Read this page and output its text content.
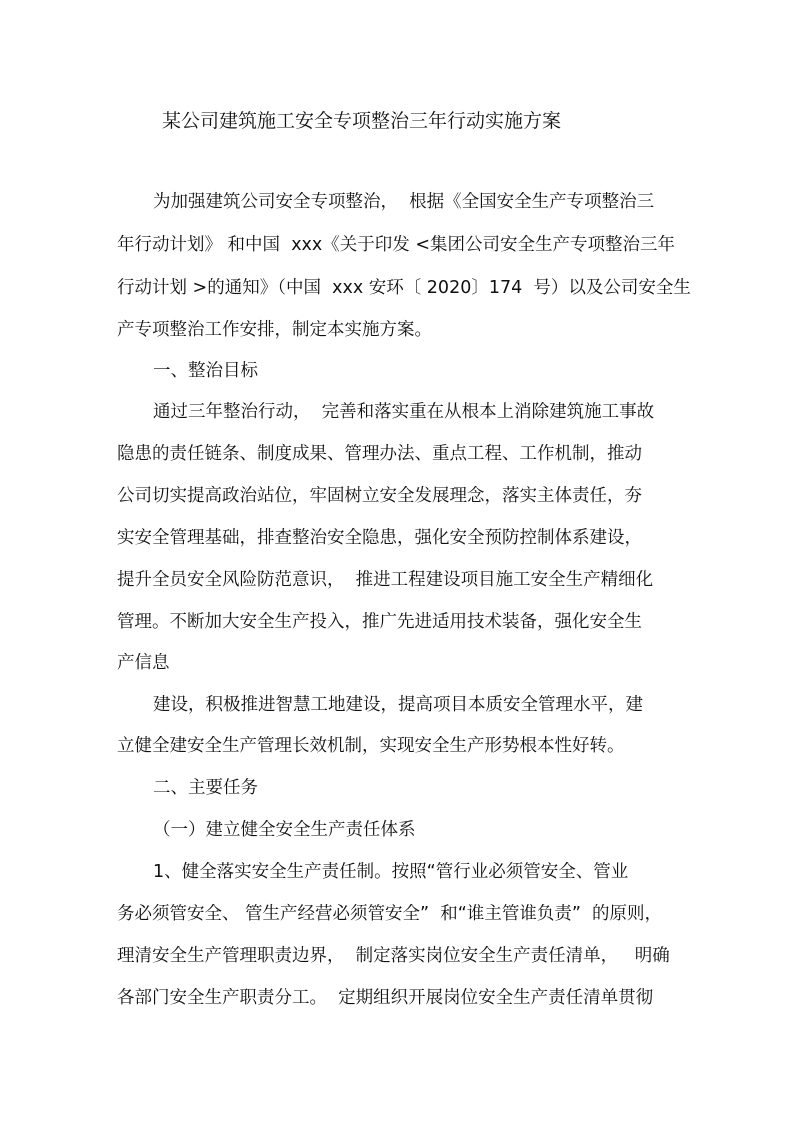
某公司建筑施工安全专项整治三年行动实施方案
为加强建筑公司安全专项整治，  根据《全国安全生产专项整治三
年行动计划》 和中国  xxx《关于印发 <集团公司安全生产专项整治三年
行动计划 >的通知》（中国  xxx 安环〔 2020〕174  号）以及公司安全生
产专项整治工作安排，制定本实施方案。
一、整治目标
通过三年整治行动，  完善和落实重在从根本上消除建筑施工事故
隐患的责任链条、制度成果、管理办法、重点工程、工作机制，推动
公司切实提高政治站位，牢固树立安全发展理念，落实主体责任，夯
实安全管理基础，排查整治安全隐患，强化安全预防控制体系建设，
提升全员安全风险防范意识，  推进工程建设项目施工安全生产精细化
管理。不断加大安全生产投入，推广先进适用技术装备，强化安全生
产信息
建设，积极推进智慧工地建设，提高项目本质安全管理水平，建
立健全建安全生产管理长效机制，实现安全生产形势根本性好转。
二、主要任务
（一）建立健全安全生产责任体系
1、健全落实安全生产责任制。按照“管行业必须管安全、管业
务必须管安全、 管生产经营必须管安全”  和“谁主管谁负责”  的原则，
理清安全生产管理职责边界，  制定落实岗位安全生产责任清单，   明确
各部门安全生产职责分工。  定期组织开展岗位安全生产责任清单贯彻
